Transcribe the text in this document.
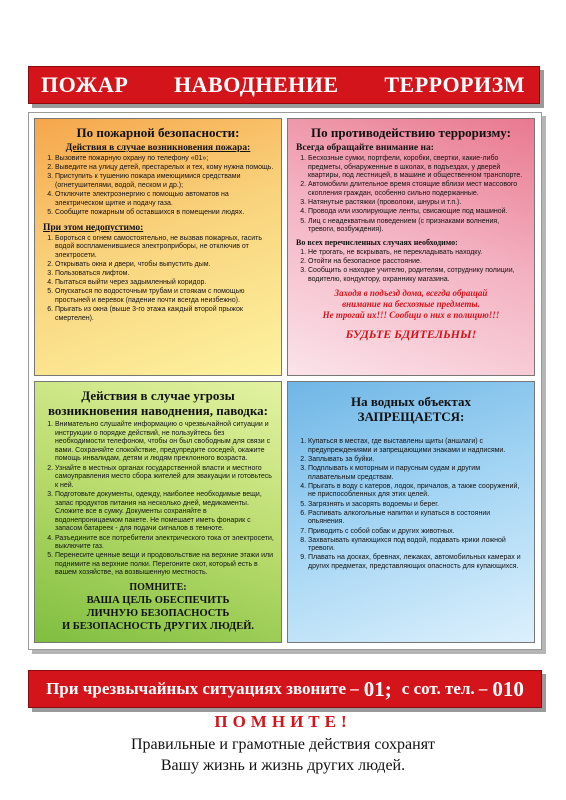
ПОЖАР НАВОДНЕНИЕ ТЕРРОРИЗМ
По пожарной безопасности:
Действия в случае возникновения пожара:
1. Вызовите пожарную охрану по телефону «01»;
2. Выведите на улицу детей, престарелых и тех, кому нужна помощь.
3. Приступить к тушению пожара имеющимися средствами (огнетушителями, водой, песком и др.);
4. Отключите электроэнергию с помощью автоматов на электрическом щитке и подачу газа.
5. Сообщите пожарным об оставшихся в помещении людях.
При этом недопустимо:
1. Бороться с огнем самостоятельно, не вызвав пожарных, гасить водой воспламенившиеся электроприборы, не отключив от электросети.
2. Открывать окна и двери, чтобы выпустить дым.
3. Пользоваться лифтом.
4. Пытаться выйти через задымленный коридор.
5. Опускаться по водосточным трубам и стоякам с помощью простыней и веревок (падение почти всегда неизбежно).
6. Прыгать из окна (выше 3-го этажа каждый второй прыжок смертелен).
По противодействию терроризму:
Всегда обращайте внимание на:
1. Бесхозные сумки, портфели, коробки, свертки, какие-либо предметы, обнаруженные в школах, в подъездах, у дверей квартиры, под лестницей, в машине и общественном транспорте.
2. Автомобили длительное время стоящие вблизи мест массового скопления граждан, особенно сильно подержанные.
3. Натянутые растяжки (проволоки, шнуры и т.п.).
4. Провода или изолирующие ленты, свисающие под машиной.
5. Лиц с неадекватным поведением (с признаками волнения, тревоги, возбуждения).
Во всех перечисленных случаях необходимо:
1. Не трогать, не вскрывать, не перекладывать находку.
2. Отойти на безопасное расстояние.
3. Сообщить о находке учителю, родителям, сотруднику полиции, водителю, кондуктору, охраннику магазина.
Заходя в подъезд дома, всегда обращай
внимание на бесхозные предметы.
Не трогай их!!! Сообщи о них в полицию!!!
БУДЬТЕ БДИТЕЛЬНЫ!
Действия в случае угрозы
возникновения наводнения, паводка:
1. Внимательно слушайте информацию о чрезвычайной ситуации и инструкции о порядке действий, не пользуйтесь без необходимости телефоном, чтобы он был свободным для связи с вами. Сохраняйте спокойствие, предупредите соседей, окажите помощь инвалидам, детям и людям преклонного возраста.
2. Узнайте в местных органах государственной власти и местного самоуправления место сбора жителей для эвакуации и готовьтесь к ней.
3. Подготовьте документы, одежду, наиболее необходимые вещи, запас продуктов питания на несколько дней, медикаменты. Сложите все в сумку. Документы сохраняйте в водонепроницаемом пакете. Не помешает иметь фонарик с запасом батареек - для подачи сигналов в темноте.
4. Разъедините все потребители электрического тока от электросети, выключите газ.
5. Перенесите ценные вещи и продовольствие на верхние этажи или поднимите на верхние полки. Перегоните скот, который есть в вашем хозяйстве, на возвышенную местность.
ПОМНИТЕ:
ВАША ЦЕЛЬ ОБЕСПЕЧИТЬ
ЛИЧНУЮ БЕЗОПАСНОСТЬ
И БЕЗОПАСНОСТЬ ДРУГИХ ЛЮДЕЙ.
На водных объектах
ЗАПРЕЩАЕТСЯ:
1. Купаться в местах, где выставлены щиты (аншлаги) с предупреждениями и запрещающими знаками и надписями.
2. Заплывать за буйки.
3. Подплывать к моторным и парусным судам и другим плавательным средствам.
4. Прыгать в воду с катеров, лодок, причалов, а также сооружений, не приспособленных для этих целей.
5. Загрязнять и засорять водоемы и берег.
6. Распивать алкогольные напитки и купаться в состоянии опьянения.
7. Приводить с собой собак и других животных.
8. Захватывать купающихся под водой, подавать крики ложной тревоги.
9. Плавать на досках, бревнах, лежаках, автомобильных камерах и других предметах, представляющих опасность для купающихся.
При чрезвычайных ситуациях звоните – 01; с сот. тел. – 010
ПОМНИТЕ!
Правильные и грамотные действия сохранят
Вашу жизнь и жизнь других людей.
